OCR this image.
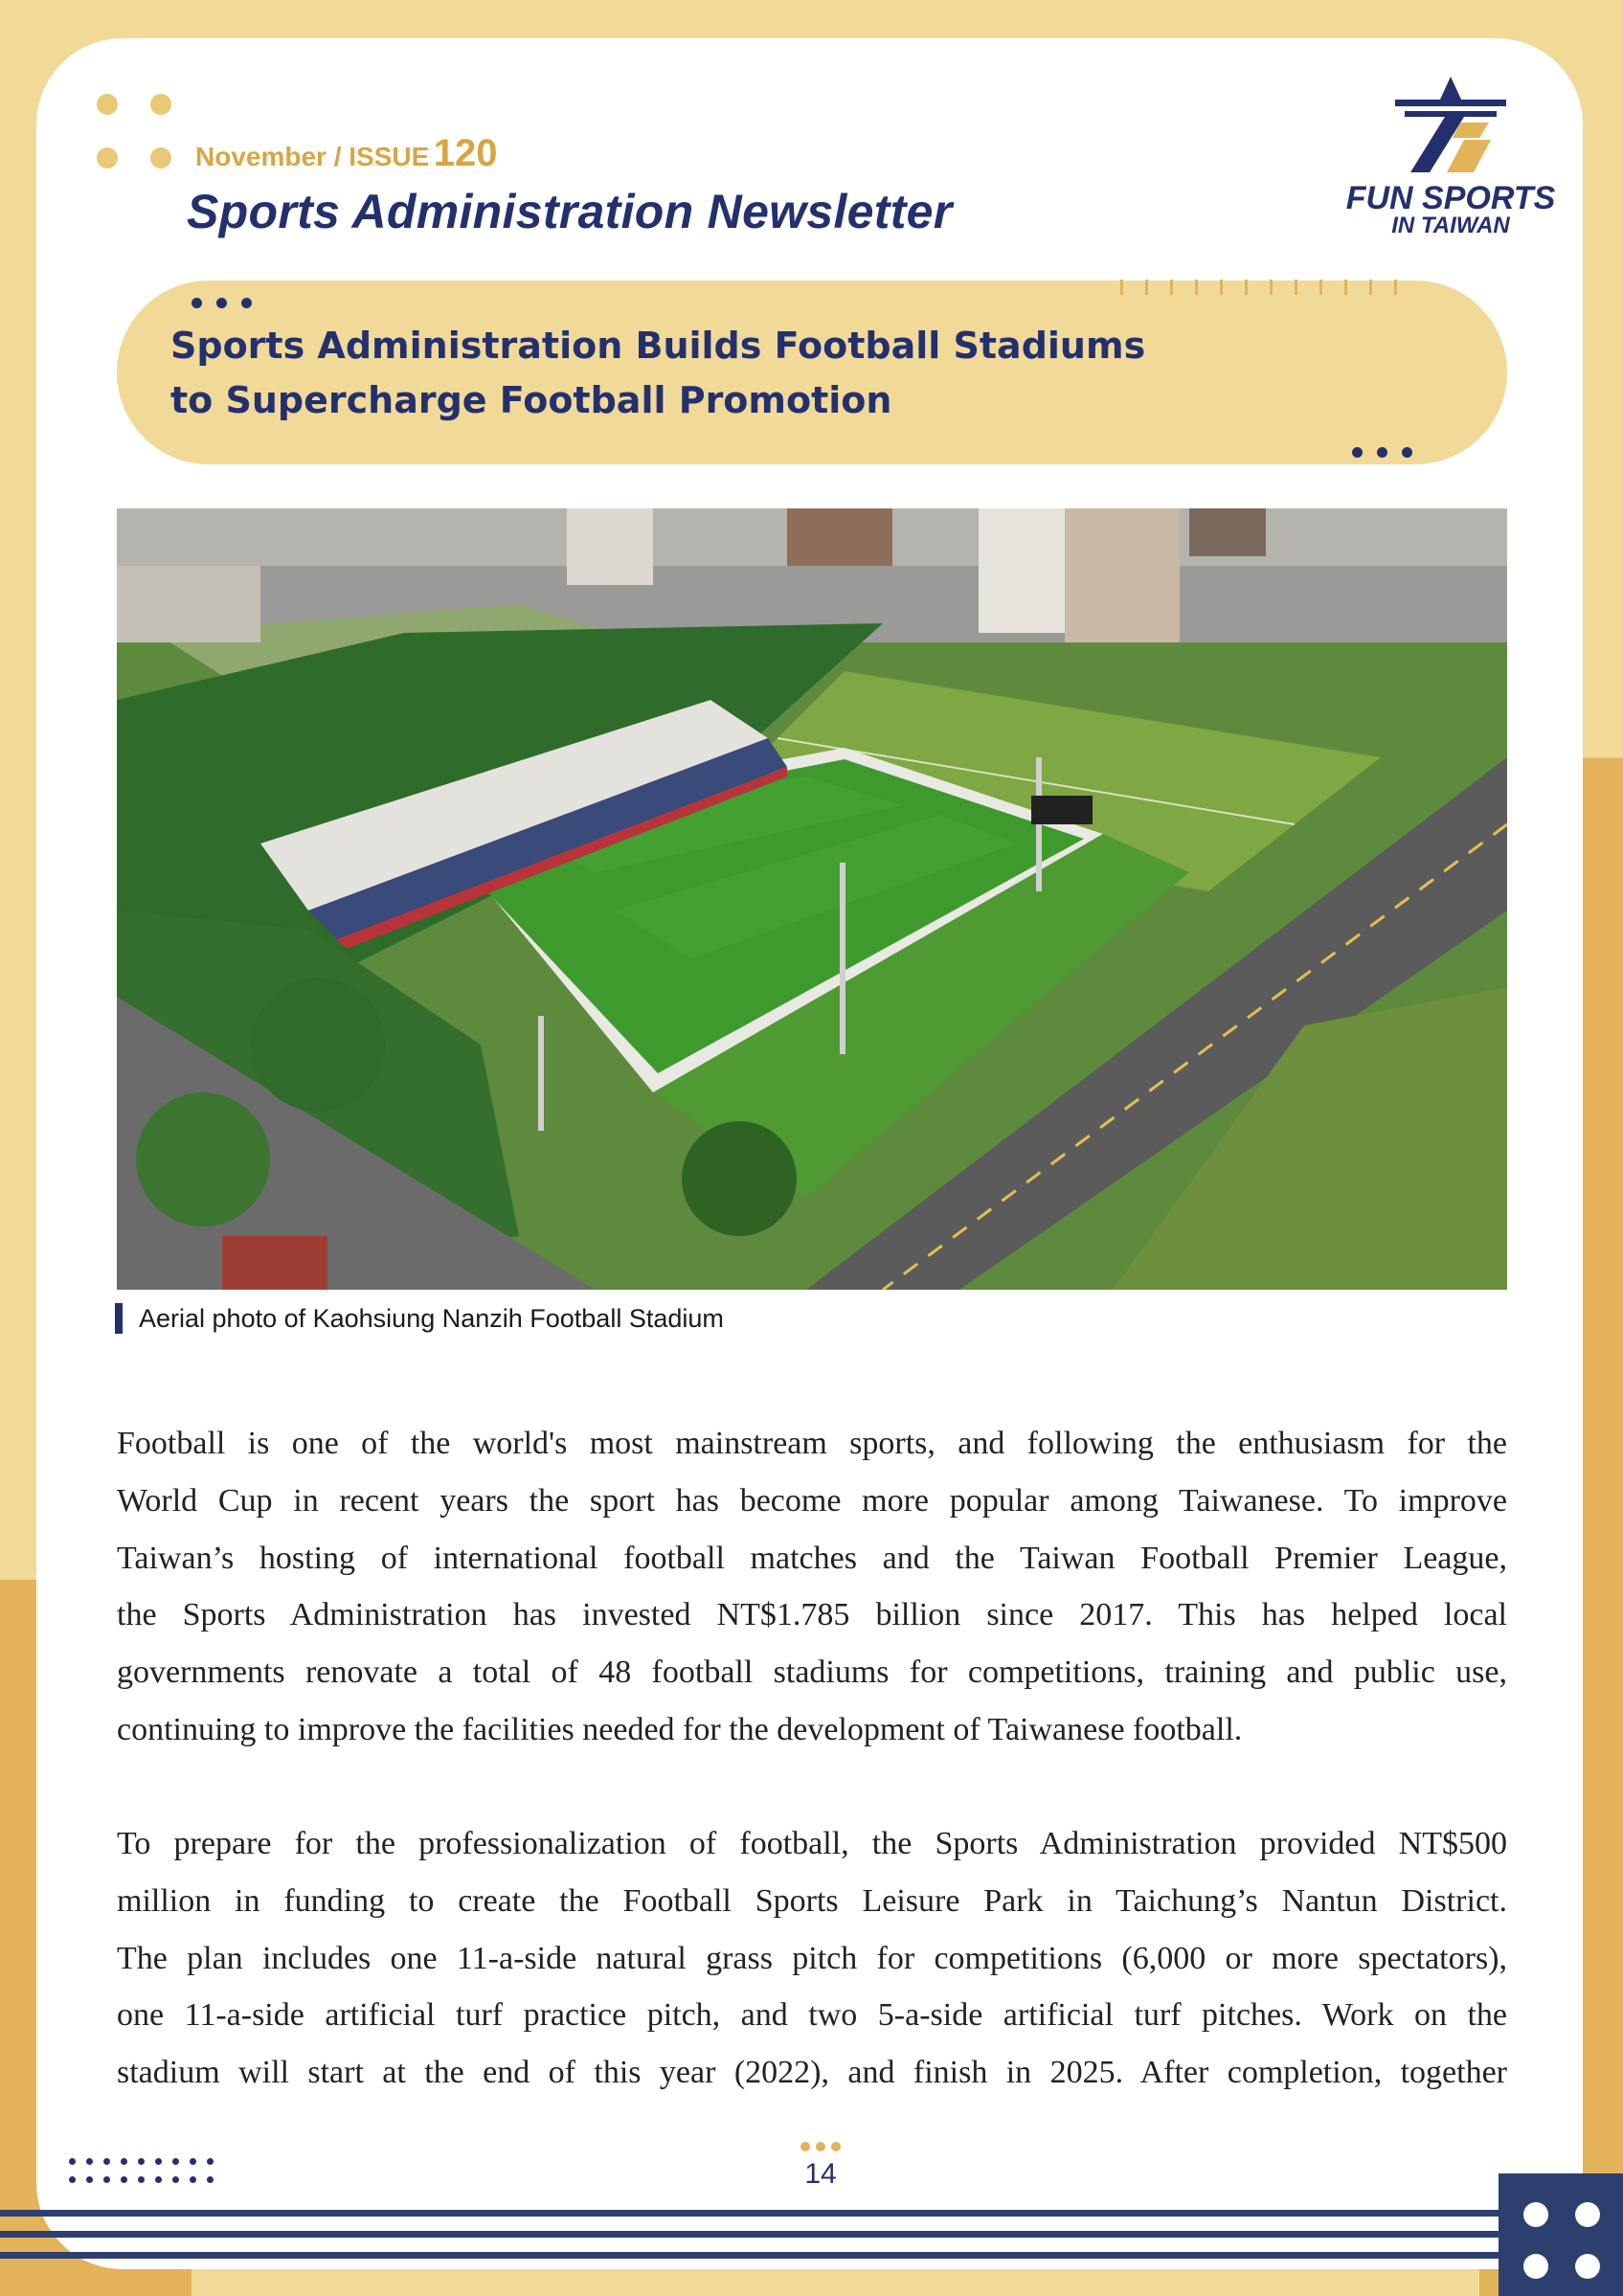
November / ISSUE 120
Sports Administration Newsletter	FUN SPORTS
IN TAIWAN
Sports Administration Builds Football Stadiums
to Supercharge Football Promotion
Aerial photo of Kaohsiung Nanzih Football Stadium
Football is one of the world's most mainstream sports, and following the enthusiasm for the
World Cup in recent years the sport has become more popular among Taiwanese. To improve
Taiwan’s hosting of international football matches and the Taiwan Football Premier League,
the Sports Administration has invested NT$1.785 billion since 2017. This has helped local
governments renovate a total of 48 football stadiums for competitions, training and public use,
continuing to improve the facilities needed for the development of Taiwanese football.
To prepare for the professionalization of football, the Sports Administration provided NT$500
million in funding to create the Football Sports Leisure Park in Taichung’s Nantun District.
The plan includes one 11-a-side natural grass pitch for competitions (6,000 or more spectators),
one 11-a-side artificial turf practice pitch, and two 5-a-side artificial turf pitches. Work on the
stadium will start at the end of this year (2022), and finish in 2025. After completion, together
14
